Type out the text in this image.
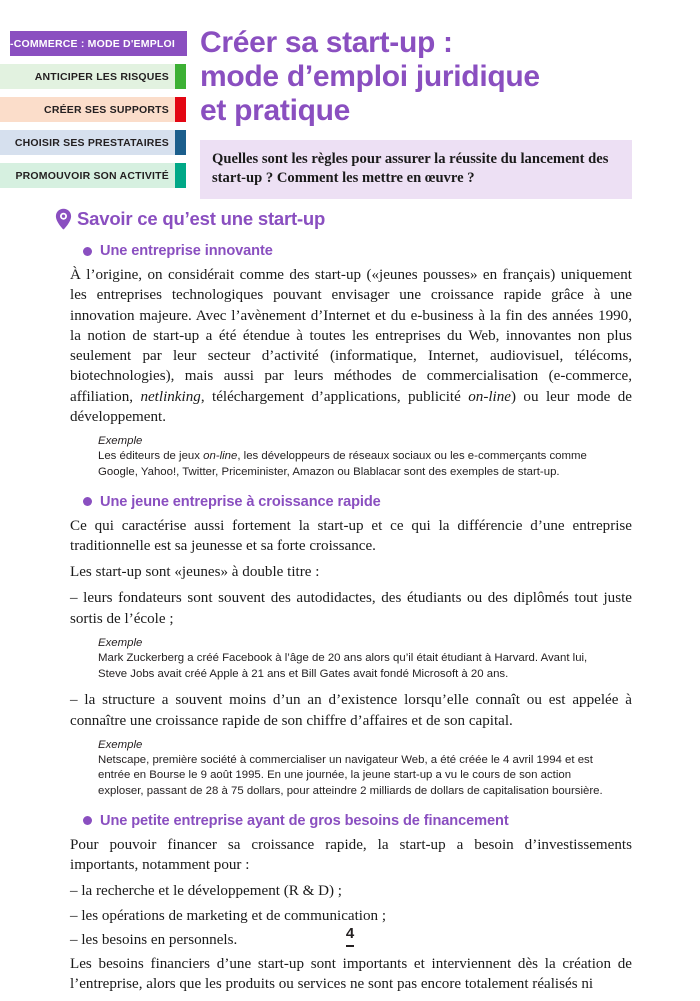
E-COMMERCE : MODE D'EMPLOI
ANTICIPER LES RISQUES
CRÉER SES SUPPORTS
CHOISIR SES PRESTATAIRES
PROMOUVOIR SON ACTIVITÉ
Créer sa start-up :
mode d’emploi juridique
et pratique

Quelles sont les règles pour assurer la réussite du lancement des start-up ? Comment les mettre en œuvre ?

Savoir ce qu’est une start-up
Une entreprise innovante

À l’origine, on considérait comme des start-up («jeunes pousses» en français) uniquement les entreprises technologiques pouvant envisager une croissance rapide grâce à une innovation majeure. Avec l’avènement d’Internet et du e-business à la fin des années 1990, la notion de start-up a été étendue à toutes les entreprises du Web, innovantes non plus seulement par leur secteur d’activité (informatique, Internet, audiovisuel, télécoms, biotechnologies), mais aussi par leurs méthodes de commercialisation (e-commerce, affiliation, netlinking, téléchargement d’applications, publicité on-line) ou leur mode de développement.

Exemple

Les éditeurs de jeux on-line, les développeurs de réseaux sociaux ou les e-commerçants comme Google, Yahoo!, Twitter, Priceminister, Amazon ou Blablacar sont des exemples de start-up.

Une jeune entreprise à croissance rapide

Ce qui caractérise aussi fortement la start-up et ce qui la différencie d’une entreprise traditionnelle est sa jeunesse et sa forte croissance.

Les start-up sont «jeunes» à double titre :

– leurs fondateurs sont souvent des autodidactes, des étudiants ou des diplômés tout juste sortis de l’école ;

Exemple

Mark Zuckerberg a créé Facebook à l’âge de 20 ans alors qu’il était étudiant à Harvard. Avant lui, Steve Jobs avait créé Apple à 21 ans et Bill Gates avait fondé Microsoft à 20 ans.

– la structure a souvent moins d’un an d’existence lorsqu’elle connaît ou est appelée à connaître une croissance rapide de son chiffre d’affaires et de son capital.

Exemple

Netscape, première société à commercialiser un navigateur Web, a été créée le 4 avril 1994 et est entrée en Bourse le 9 août 1995. En une journée, la jeune start-up a vu le cours de son action exploser, passant de 28 à 75 dollars, pour atteindre 2 milliards de dollars de capitalisation boursière.

Une petite entreprise ayant de gros besoins de financement

Pour pouvoir financer sa croissance rapide, la start-up a besoin d’investissements importants, notamment pour :

– la recherche et le développement (R & D) ;

– les opérations de marketing et de communication ;

– les besoins en personnels.

Les besoins financiers d’une start-up sont importants et interviennent dès la création de l’entreprise, alors que les produits ou services ne sont pas encore totalement réalisés ni

4
